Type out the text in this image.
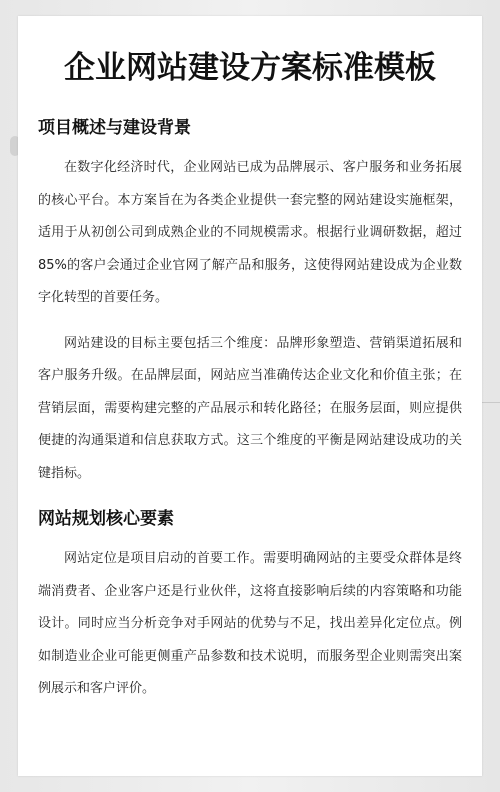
企业网站建设方案标准模板
项目概述与建设背景

在数字化经济时代，企业网站已成为品牌展示、客户服务和业务拓展的核心平台。本方案旨在为各类企业提供一套完整的网站建设实施框架，适用于从初创公司到成熟企业的不同规模需求。根据行业调研数据，超过 85%的客户会通过企业官网了解产品和服务，这使得网站建设成为企业数字化转型的首要任务。

网站建设的目标主要包括三个维度：品牌形象塑造、营销渠道拓展和客户服务升级。在品牌层面，网站应当准确传达企业文化和价值主张；在营销层面，需要构建完整的产品展示和转化路径；在服务层面，则应提供便捷的沟通渠道和信息获取方式。这三个维度的平衡是网站建设成功的关键指标。

网站规划核心要素

网站定位是项目启动的首要工作。需要明确网站的主要受众群体是终端消费者、企业客户还是行业伙伴，这将直接影响后续的内容策略和功能设计。同时应当分析竞争对手网站的优势与不足，找出差异化定位点。例如制造业企业可能更侧重产品参数和技术说明，而服务型企业则需突出案例展示和客户评价。
